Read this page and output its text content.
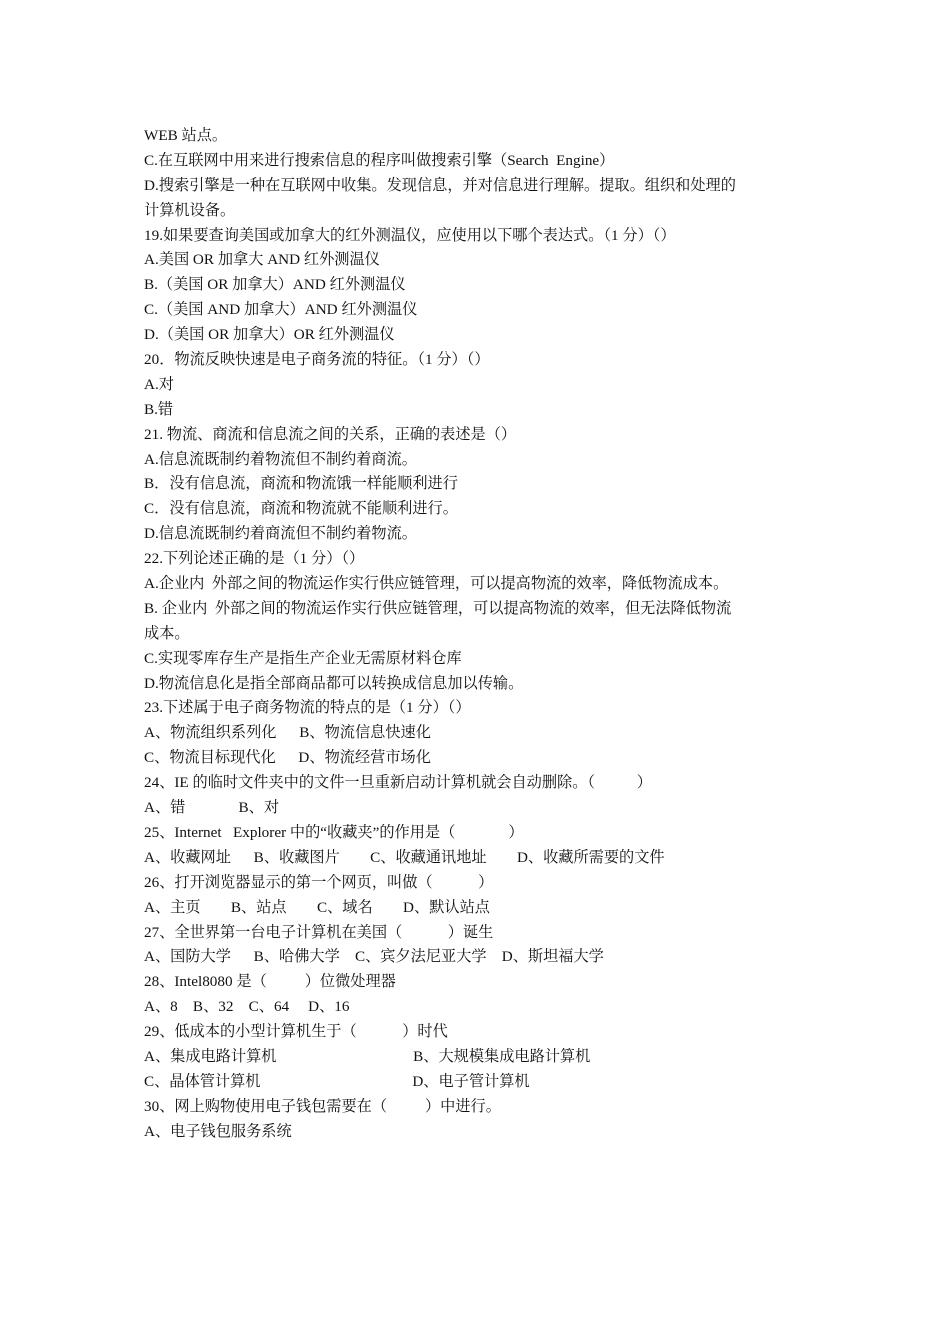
WEB 站点。
C.在互联网中用来进行搜索信息的程序叫做搜索引擎（Search  Engine）
D.搜索引擎是一种在互联网中收集。发现信息，并对信息进行理解。提取。组织和处理的
计算机设备。
19.如果要查询美国或加拿大的红外测温仪，应使用以下哪个表达式。（1 分）（）
A.美国 OR 加拿大 AND 红外测温仪
B.（美国 OR 加拿大）AND 红外测温仪
C.（美国 AND 加拿大）AND 红外测温仪
D.（美国 OR 加拿大）OR 红外测温仪
20．物流反映快速是电子商务流的特征。（1 分）（）
A.对
B.错
21. 物流、商流和信息流之间的关系，正确的表述是（）
A.信息流既制约着物流但不制约着商流。
B．没有信息流，商流和物流饿一样能顺利进行
C．没有信息流，商流和物流就不能顺利进行。
D.信息流既制约着商流但不制约着物流。
22.下列论述正确的是（1 分）（）
A.企业内  外部之间的物流运作实行供应链管理，可以提高物流的效率，降低物流成本。
B. 企业内  外部之间的物流运作实行供应链管理，可以提高物流的效率，但无法降低物流
成本。
C.实现零库存生产是指生产企业无需原材料仓库
D.物流信息化是指全部商品都可以转换成信息加以传输。
23.下述属于电子商务物流的特点的是（1 分）（）
A、物流组织系列化      B、物流信息快速化
C、物流目标现代化      D、物流经营市场化
24、IE 的临时文件夹中的文件一旦重新启动计算机就会自动删除。（           ）
A、错              B、对
25、Internet   Explorer 中的“收藏夹”的作用是（              ）
A、收藏网址      B、收藏图片        C、收藏通讯地址        D、收藏所需要的文件
26、打开浏览器显示的第一个网页，叫做（            ）
A、主页        B、站点        C、域名        D、默认站点
27、全世界第一台电子计算机在美国（            ）诞生
A、国防大学      B、哈佛大学    C、宾夕法尼亚大学    D、斯坦福大学
28、Intel8080 是（          ）位微处理器
A、8    B、32    C、64     D、16
29、低成本的小型计算机生于（            ）时代
A、集成电路计算机                                    B、大规模集成电路计算机
C、晶体管计算机                                        D、电子管计算机
30、网上购物使用电子钱包需要在（          ）中进行。
A、电子钱包服务系统
